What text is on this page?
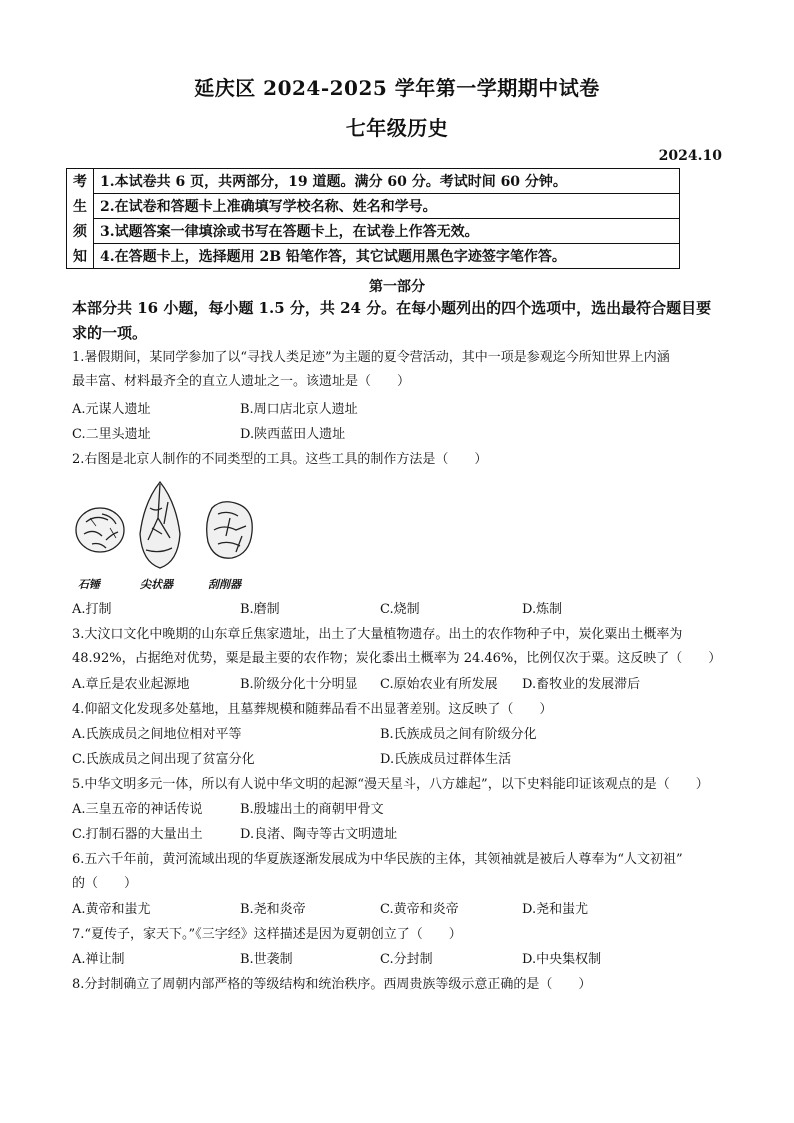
延庆区 2024-2025 学年第一学期期中试卷
七年级历史
2024.10
考	1.本试卷共 6 页，共两部分，19 道题。满分 60 分。考试时间 60 分钟。
生	2.在试卷和答题卡上准确填写学校名称、姓名和学号。
须	3.试题答案一律填涂或书写在答题卡上，在试卷上作答无效。
知	4.在答题卡上，选择题用 2B 铅笔作答，其它试题用黑色字迹签字笔作答。
第一部分
本部分共 16 小题，每小题 1.5 分，共 24 分。在每小题列出的四个选项中，选出最符合题目要
求的一项。
1.暑假期间，某同学参加了以“寻找人类足迹”为主题的夏令营活动，其中一项是参观迄今所知世界上内涵
最丰富、材料最齐全的直立人遗址之一。该遗址是（　　）
A.元谋人遗址	B.周口店北京人遗址
C.二里头遗址	D.陕西蓝田人遗址
2.右图是北京人制作的不同类型的工具。这些工具的制作方法是（　　）
石锤	尖状器	刮削器
A.打制	B.磨制	C.烧制	D.炼制
3.大汶口文化中晚期的山东章丘焦家遗址，出土了大量植物遗存。出土的农作物种子中，炭化粟出土概率为
48.92%，占据绝对优势，粟是最主要的农作物；炭化黍出土概率为 24.46%，比例仅次于粟。这反映了（　　）
A.章丘是农业起源地	B.阶级分化十分明显 C.原始农业有所发展 D.畜牧业的发展滞后
4.仰韶文化发现多处墓地，且墓葬规模和随葬品看不出显著差别。这反映了（　　）
A.氏族成员之间地位相对平等	B.氏族成员之间有阶级分化
C.氏族成员之间出现了贫富分化	D.氏族成员过群体生活
5.中华文明多元一体，所以有人说中华文明的起源“漫天星斗，八方雄起”，以下史料能印证该观点的是（　　）
A.三皇五帝的神话传说	B.殷墟出土的商朝甲骨文
C.打制石器的大量出土	D.良渚、陶寺等古文明遗址
6.五六千年前，黄河流域出现的华夏族逐渐发展成为中华民族的主体，其领袖就是被后人尊奉为“人文初祖”
的（　　）
A.黄帝和蚩尤	B.尧和炎帝	C.黄帝和炎帝	D.尧和蚩尤
7.“夏传子，家天下。”《三字经》这样描述是因为夏朝创立了（　　）
A.禅让制	B.世袭制	C.分封制	D.中央集权制
8.分封制确立了周朝内部严格的等级结构和统治秩序。西周贵族等级示意正确的是（　　）
